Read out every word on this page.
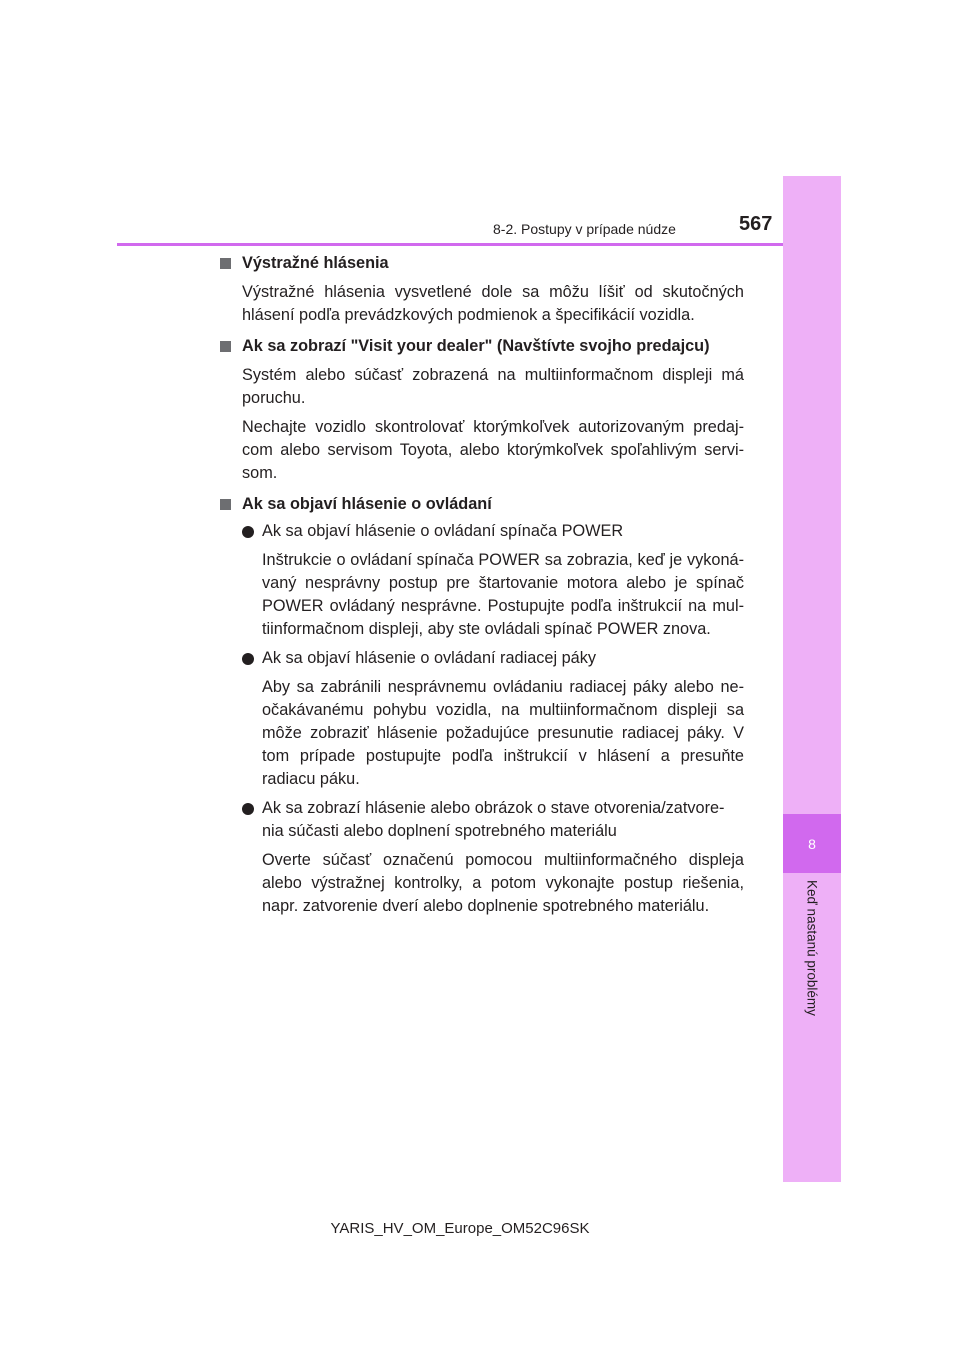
8
Keď nastanú problémy
8-2. Postupy v prípade núdze	567

Výstražné hlásenia

Výstražné hlásenia vysvetlené dole sa môžu líšiť od skutočných hlásení podľa prevádzkových podmienok a špecifikácií vozidla.

Ak sa zobrazí "Visit your dealer" (Navštívte svojho predajcu)

Systém alebo súčasť zobrazená na multiinformačnom displeji má poruchu.

Nechajte vozidlo skontrolovať ktorýmkoľvek autorizovaným predaj-com alebo servisom Toyota, alebo ktorýmkoľvek spoľahlivým servi-som.

Ak sa objaví hlásenie o ovládaní

Ak sa objaví hlásenie o ovládaní spínača POWER

Inštrukcie o ovládaní spínača POWER sa zobrazia, keď je vykoná-vaný nesprávny postup pre štartovanie motora alebo je spínač POWER ovládaný nesprávne. Postupujte podľa inštrukcií na mul-tiinformačnom displeji, aby ste ovládali spínač POWER znova.

Ak sa objaví hlásenie o ovládaní radiacej páky

Aby sa zabránili nesprávnemu ovládaniu radiacej páky alebo ne-očakávanému pohybu vozidla, na multiinformačnom displeji sa môže zobraziť hlásenie požadujúce presunutie radiacej páky. V tom prípade postupujte podľa inštrukcií v hlásení a presuňte radiacu páku.

Ak sa zobrazí hlásenie alebo obrázok o stave otvorenia/zatvore-nia súčasti alebo doplnení spotrebného materiálu

Overte súčasť označenú pomocou multiinformačného displeja alebo výstražnej kontrolky, a potom vykonajte postup riešenia, napr. zatvorenie dverí alebo doplnenie spotrebného materiálu.

YARIS_HV_OM_Europe_OM52C96SK
